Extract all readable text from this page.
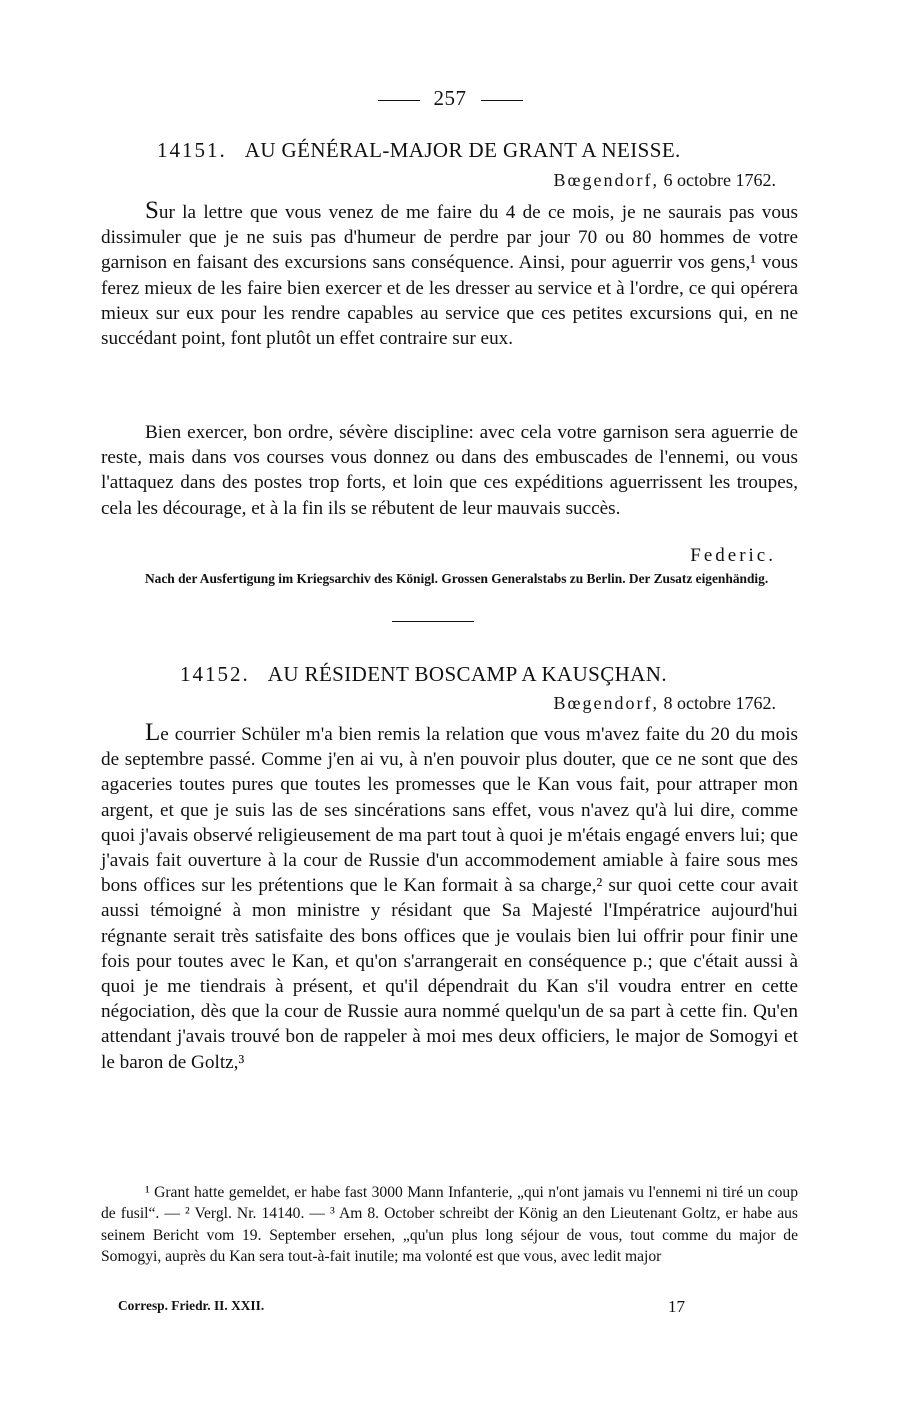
257
14151. AU GÉNÉRAL-MAJOR DE GRANT A NEISSE.
Bœgendorf, 6 octobre 1762.

Sur la lettre que vous venez de me faire du 4 de ce mois, je ne saurais pas vous dissimuler que je ne suis pas d'humeur de perdre par jour 70 ou 80 hommes de votre garnison en faisant des excursions sans conséquence. Ainsi, pour aguerrir vos gens,¹ vous ferez mieux de les faire bien exercer et de les dresser au service et à l'ordre, ce qui opérera mieux sur eux pour les rendre capables au service que ces petites excursions qui, en ne succédant point, font plutôt un effet contraire sur eux.

Bien exercer, bon ordre, sévère discipline: avec cela votre garnison sera aguerrie de reste, mais dans vos courses vous donnez ou dans des embuscades de l'ennemi, ou vous l'attaquez dans des postes trop forts, et loin que ces expéditions aguerrissent les troupes, cela les décourage, et à la fin ils se rébutent de leur mauvais succès.

Federic.

Nach der Ausfertigung im Kriegsarchiv des Königl. Grossen Generalstabs zu Berlin. Der Zusatz eigenhändig.

14152. AU RÉSIDENT BOSCAMP A KAUSÇHAN.
Bœgendorf, 8 octobre 1762.

Le courrier Schüler m'a bien remis la relation que vous m'avez faite du 20 du mois de septembre passé. Comme j'en ai vu, à n'en pouvoir plus douter, que ce ne sont que des agaceries toutes pures que toutes les promesses que le Kan vous fait, pour attraper mon argent, et que je suis las de ses sincérations sans effet, vous n'avez qu'à lui dire, comme quoi j'avais observé religieusement de ma part tout à quoi je m'étais engagé envers lui; que j'avais fait ouverture à la cour de Russie d'un accommodement amiable à faire sous mes bons offices sur les prétentions que le Kan formait à sa charge,² sur quoi cette cour avait aussi témoigné à mon ministre y résidant que Sa Majesté l'Impératrice aujourd'hui régnante serait très satisfaite des bons offices que je voulais bien lui offrir pour finir une fois pour toutes avec le Kan, et qu'on s'arrangerait en conséquence p.; que c'était aussi à quoi je me tiendrais à présent, et qu'il dépendrait du Kan s'il voudra entrer en cette négociation, dès que la cour de Russie aura nommé quelqu'un de sa part à cette fin. Qu'en attendant j'avais trouvé bon de rappeler à moi mes deux officiers, le major de Somogyi et le baron de Goltz,³

¹ Grant hatte gemeldet, er habe fast 3000 Mann Infanterie, „qui n'ont jamais vu l'ennemi ni tiré un coup de fusil“. — ² Vergl. Nr. 14140. — ³ Am 8. October schreibt der König an den Lieutenant Goltz, er habe aus seinem Bericht vom 19. September ersehen, „qu'un plus long séjour de vous, tout comme du major de Somogyi, auprès du Kan sera tout-à-fait inutile; ma volonté est que vous, avec ledit major

Corresp. Friedr. II. XXII.	17
